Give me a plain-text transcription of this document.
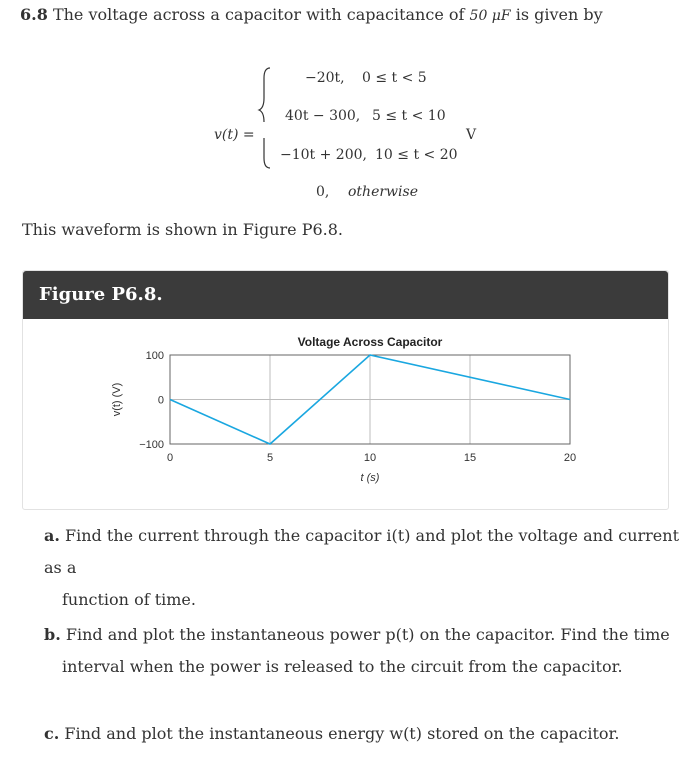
6.8 The voltage across a capacitor with capacitance of 50 μF is given by
v(t) =
−20t, 0 ≤ t < 5
40t − 300, 5 ≤ t < 10
V
−10t + 200, 10 ≤ t < 20
0, otherwise
This waveform is shown in Figure P6.8.
Figure P6.8.
Voltage Across Capacitor
0	5	10	15	20
100
0
−100
t (s)
v(t) (V)
a. Find the current through the capacitor i(t) and plot the voltage and current as a
function of time.
b. Find and plot the instantaneous power p(t) on the capacitor. Find the time
interval when the power is released to the circuit from the capacitor.
c. Find and plot the instantaneous energy w(t) stored on the capacitor.
